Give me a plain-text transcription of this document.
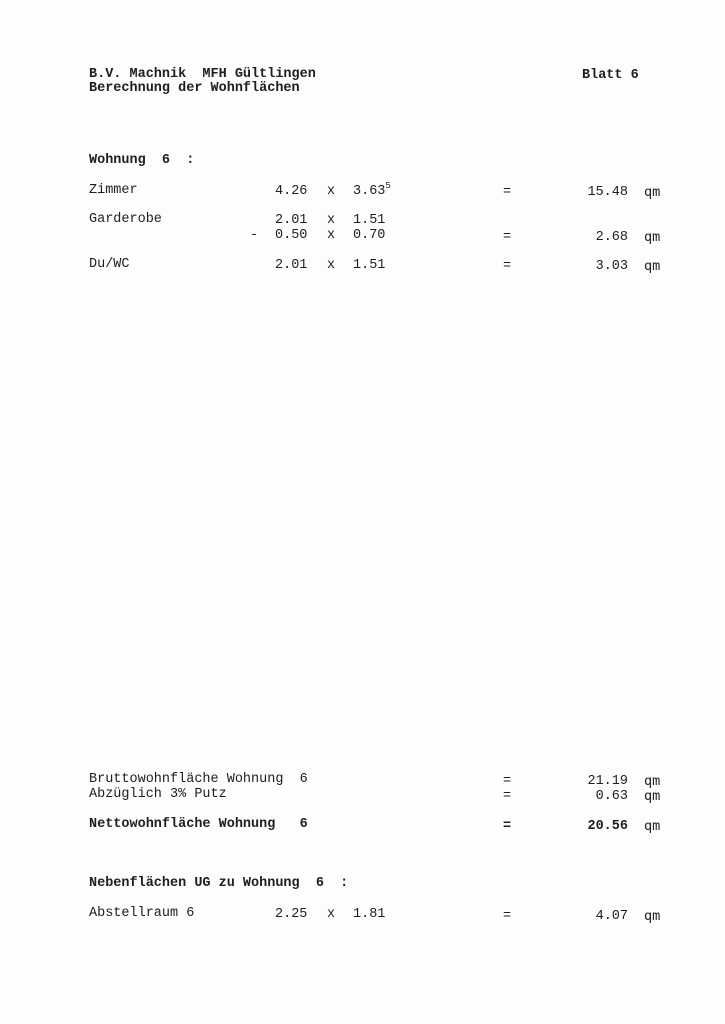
B.V. Machnik  MFH Gültlingen
Berechnung der Wohnflächen
Blatt 6
Wohnung  6  :
Zimmer	4.26 x $3.63^5$	=	15.48 qm
Garderobe	2.01 x 1.51
- 0.50 x 0.70	=	2.68 qm
Du/WC	2.01 x 1.51	=	3.03 qm
Bruttowohnfläche Wohnung  6	=	21.19 qm
Abzüglich 3% Putz	=	0.63 qm
Nettowohnfläche Wohnung   6	=	20.56 qm
Nebenflächen UG zu Wohnung  6  :
Abstellraum 6	2.25 x 1.81	=	4.07 qm
